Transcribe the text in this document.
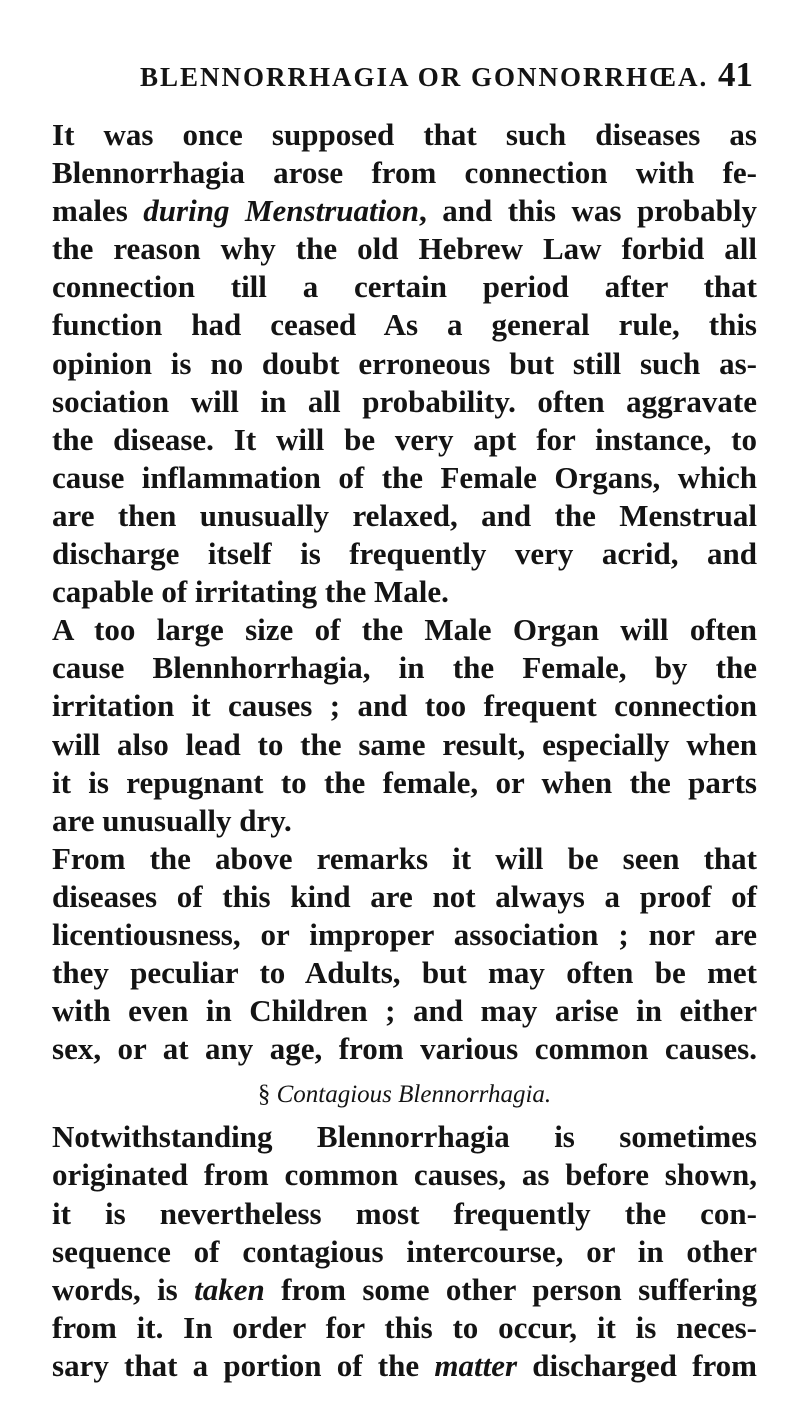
BLENNORRHAGIA OR GONNORRHŒA. 41
It was once supposed that such diseases as
Blennorrhagia arose from connection with fe-
males during Menstruation, and this was probably
the reason why the old Hebrew Law forbid all
connection till a certain period after that
function had ceased As a general rule, this
opinion is no doubt erroneous but still such as-
sociation will in all probability. often aggravate
the disease. It will be very apt for instance, to
cause inflammation of the Female Organs, which
are then unusually relaxed, and the Menstrual
discharge itself is frequently very acrid, and
capable of irritating the Male.
A too large size of the Male Organ will often
cause Blennhorrhagia, in the Female, by the
irritation it causes ; and too frequent connection
will also lead to the same result, especially when
it is repugnant to the female, or when the parts
are unusually dry.
From the above remarks it will be seen that
diseases of this kind are not always a proof of
licentiousness, or improper association ; nor are
they peculiar to Adults, but may often be met
with even in Children ; and may arise in either
sex, or at any age, from various common causes.
§ Contagious Blennorrhagia.
Notwithstanding Blennorrhagia is sometimes
originated from common causes, as before shown,
it is nevertheless most frequently the con-
sequence of contagious intercourse, or in other
words, is taken from some other person suffering
from it. In order for this to occur, it is neces-
sary that a portion of the matter discharged from
